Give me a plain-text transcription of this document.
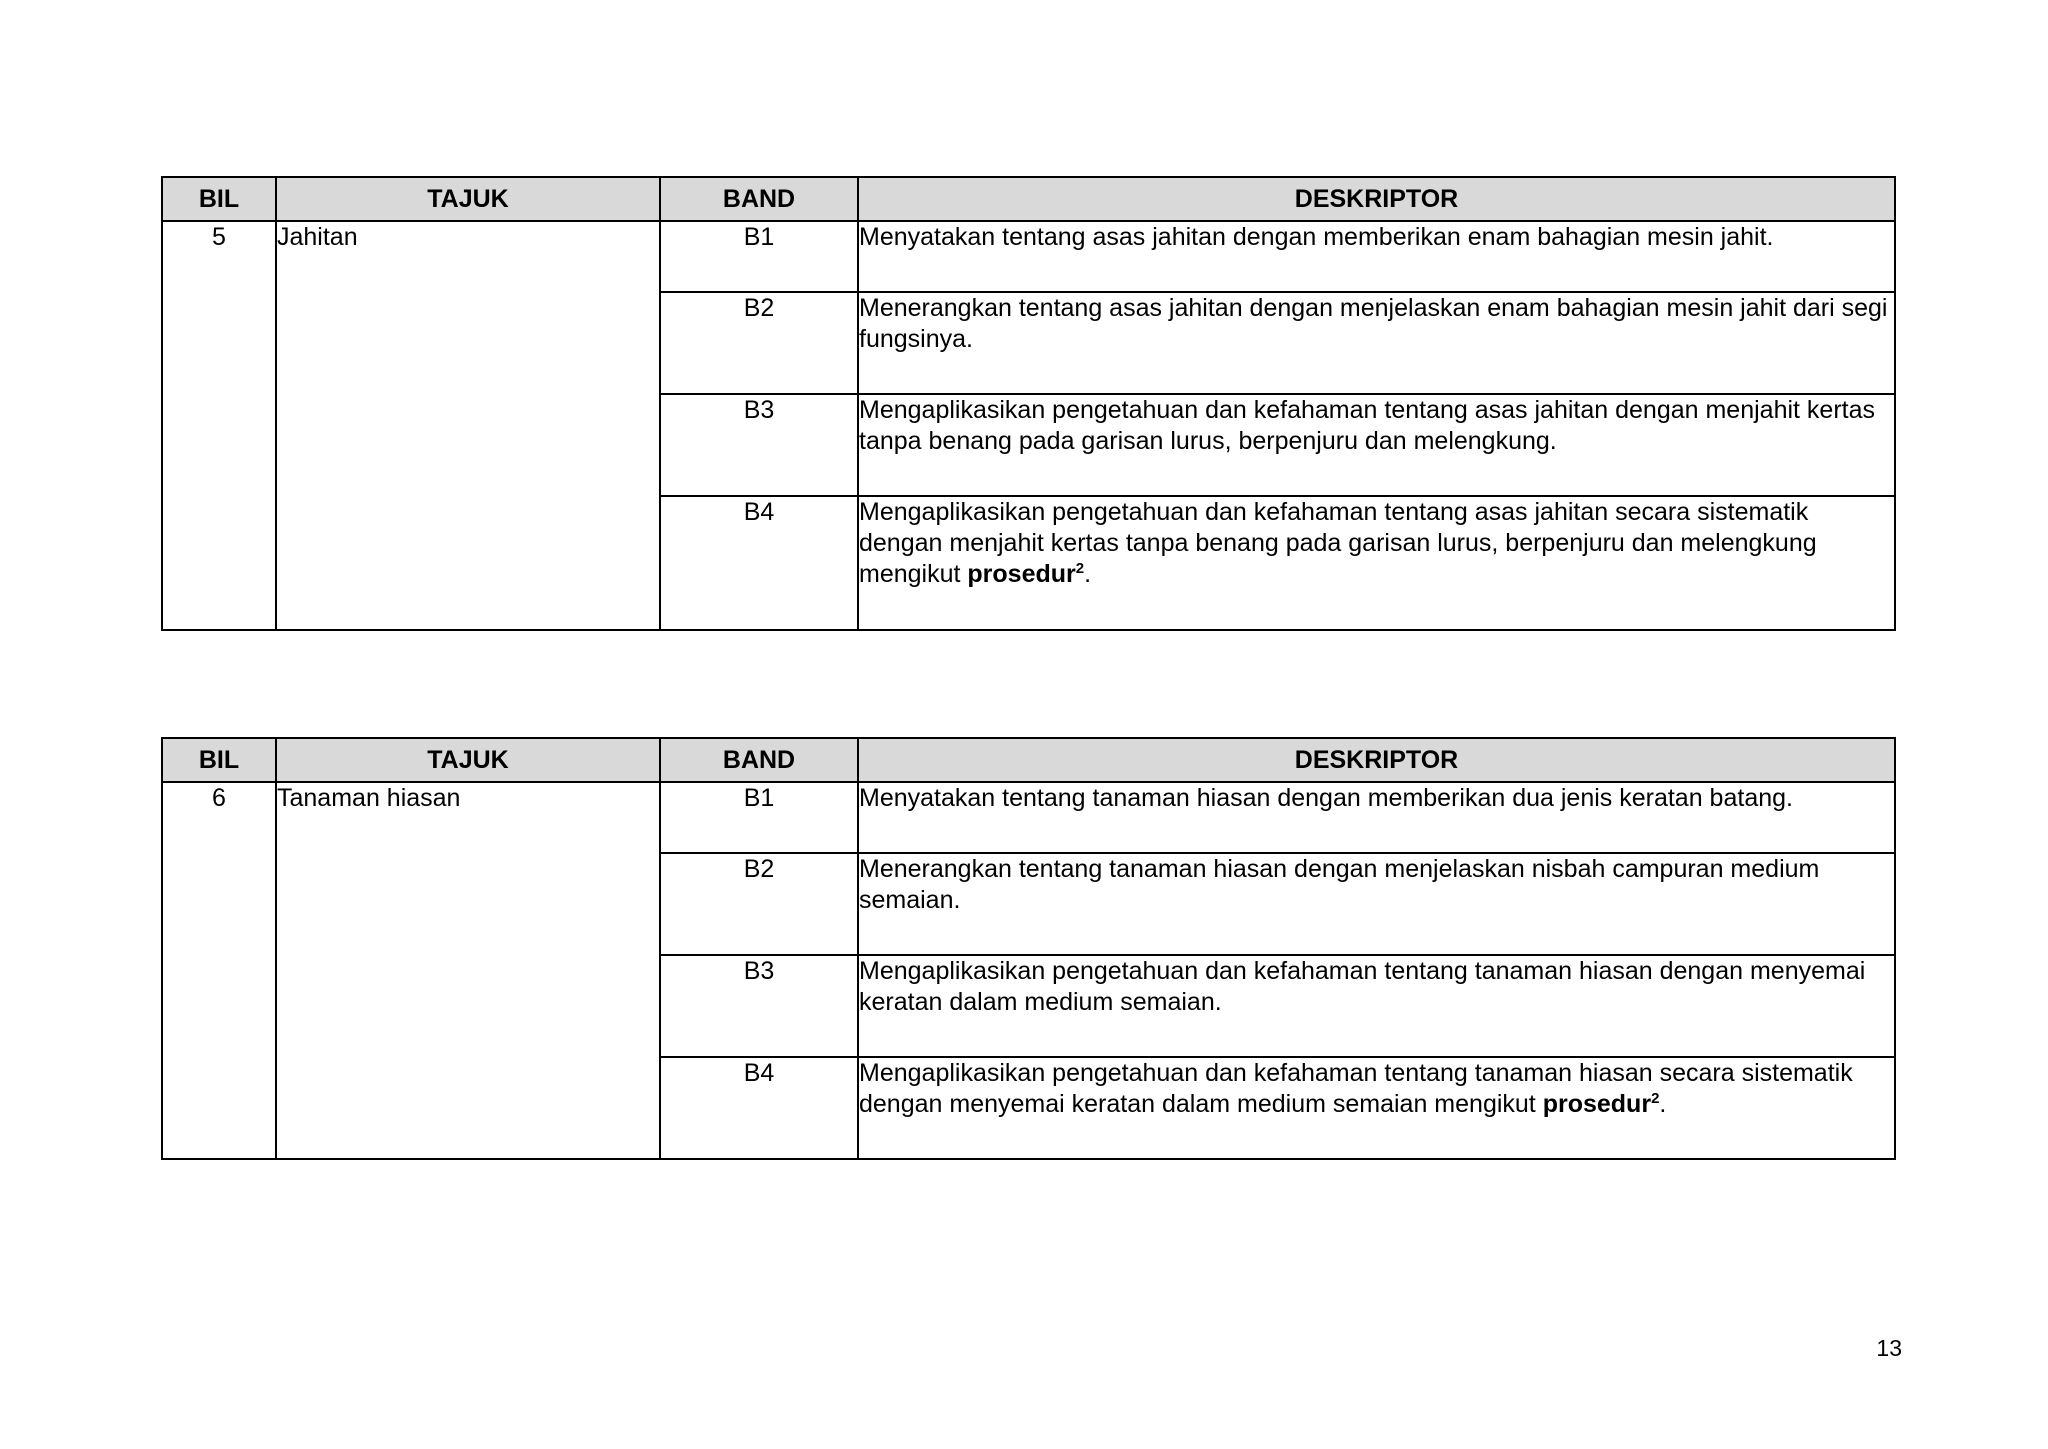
BIL	TAJUK	BAND	DESKRIPTOR
5	Jahitan	B1	Menyatakan tentang asas jahitan dengan memberikan enam bahagian mesin jahit.
		B2	Menerangkan tentang asas jahitan dengan menjelaskan enam bahagian mesin jahit dari segi fungsinya.
		B3	Mengaplikasikan pengetahuan dan kefahaman tentang asas jahitan dengan menjahit kertas tanpa benang pada garisan lurus, berpenjuru dan melengkung.
		B4	Mengaplikasikan pengetahuan dan kefahaman tentang asas jahitan secara sistematik dengan menjahit kertas tanpa benang pada garisan lurus, berpenjuru dan melengkung mengikut prosedur$^2$.
BIL	TAJUK	BAND	DESKRIPTOR
6	Tanaman hiasan	B1	Menyatakan tentang tanaman hiasan dengan memberikan dua jenis keratan batang.
		B2	Menerangkan tentang tanaman hiasan dengan menjelaskan nisbah campuran medium semaian.
		B3	Mengaplikasikan pengetahuan dan kefahaman tentang tanaman hiasan dengan menyemai keratan dalam medium semaian.
		B4	Mengaplikasikan pengetahuan dan kefahaman tentang tanaman hiasan secara sistematik dengan menyemai keratan dalam medium semaian mengikut prosedur$^2$.
13
